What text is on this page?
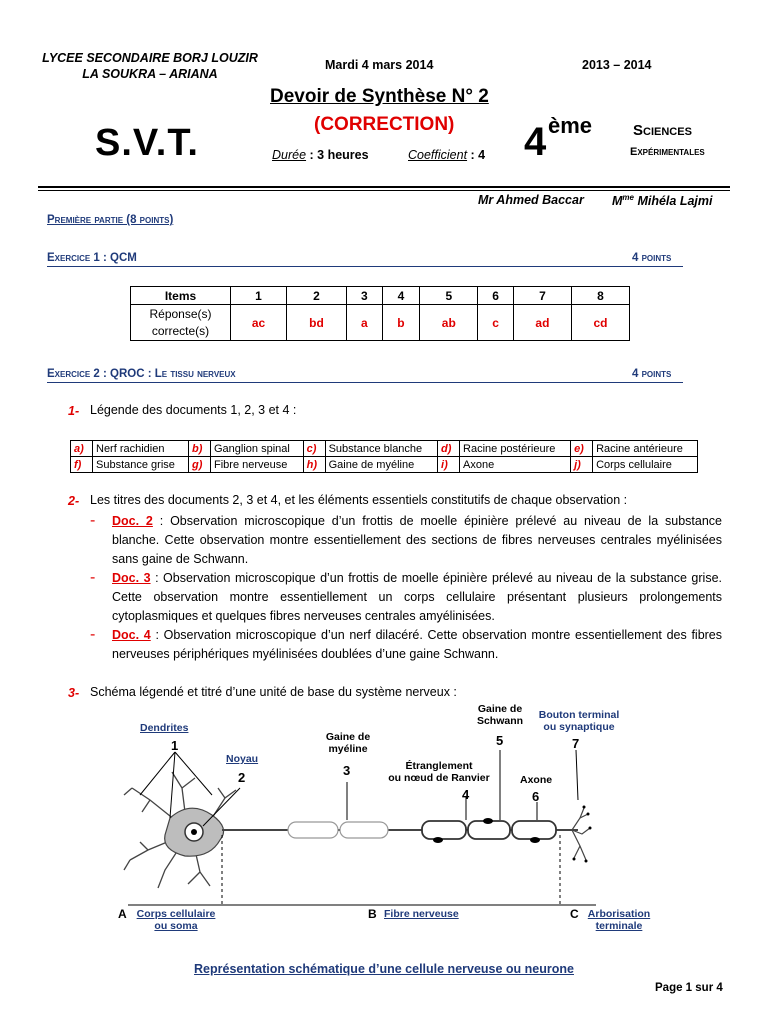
LYCEE SECONDAIRE BORJ LOUZIR
LA SOUKRA – ARIANA
Mardi 4 mars 2014	2013 – 2014
S.V.T.
Devoir de Synthèse N° 2
(CORRECTION)
Durée : 3 heures	Coefficient : 4 4 ème	Sciences
Expérimentales
Mr Ahmed Baccar $M^{me}$ Mihéla Lajmi
Première partie (8 points)
Exercice 1 : QCM	4 points
Items	1	2	3	4	5	6	7	8

Réponse(s)
correcte(s)	ac	bd	a	b	ab	c	ad	cd
Exercice 2 : QROC : Le tissu nerveux	4 points
1- Légende des documents 1, 2, 3 et 4 :
a)	Nerf rachidien	b)	Ganglion spinal	c)	Substance blanche	d)	Racine postérieure	e)	Racine antérieure
f)	Substance grise	g)	Fibre nerveuse	h)	Gaine de myéline	i)	Axone	j)	Corps cellulaire
2- Les titres des documents 2, 3 et 4, et les éléments essentiels constitutifs de chaque observation :
- Doc. 2 : Observation microscopique d’un frottis de moelle épinière prélevé au niveau de la substance blanche. Cette observation montre essentiellement des sections de fibres nerveuses centrales myélinisées sans gaine de Schwann.
- Doc. 3 : Observation microscopique d’un frottis de moelle épinière prélevé au niveau de la substance grise. Cette observation montre essentiellement un corps cellulaire présentant plusieurs prolongements cytoplasmiques et quelques fibres nerveuses centrales amyélinisées.
- Doc. 4 : Observation microscopique d’un nerf dilacéré. Cette observation montre essentiellement des fibres nerveuses périphériques myélinisées doublées d’une gaine Schwann.
3- Schéma légendé et titré d’une unité de base du système nerveux :
Dendrites
1
Noyau
2
Gaine de
myéline
3	Étranglement
ou nœud de Ranvier
4
Gaine de
Schwann
5
Axone
6
Bouton terminal
ou synaptique
7
A Corps cellulaire
ou soma
B Fibre nerveuse	C Arborisation
terminale
Représentation schématique d’une cellule nerveuse ou neurone
Page 1 sur 4
